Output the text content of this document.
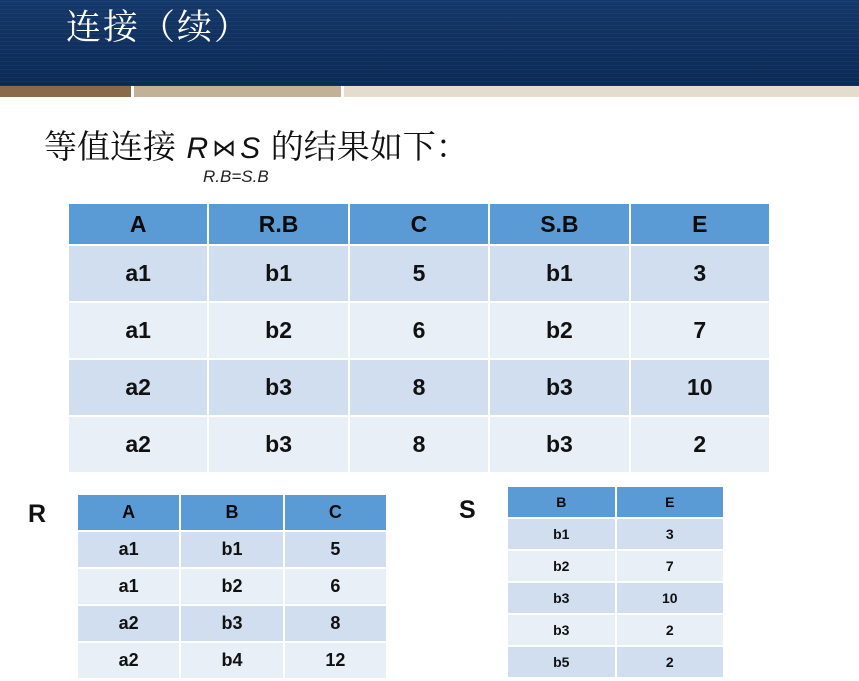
连接（续）
等值连接 R ⋈ S 的结果如下：
R.B=S.B
A	R.B	C	S.B	E
a1	b1	5	b1	3
a1	b2	6	b2	7
a2	b3	8	b3	10
a2	b3	8	b3	2
R	A	B	C
a1	b1	5
a1	b2	6
a2	b3	8
a2	b4	12
S	B	E
b1	3
b2	7
b3	10
b3	2
b5	2
